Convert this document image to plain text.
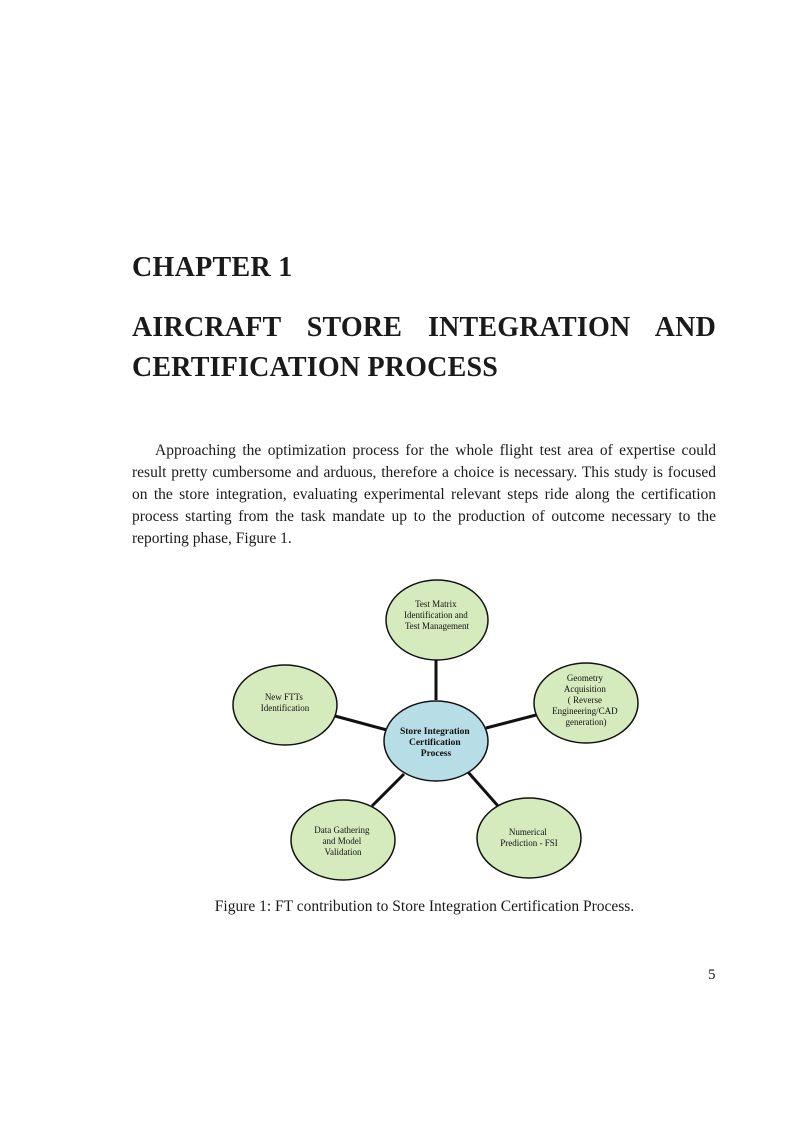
CHAPTER 1
AIRCRAFT STORE INTEGRATION AND
CERTIFICATION PROCESS

Approaching the optimization process for the whole flight test area of expertise could result pretty cumbersome and arduous, therefore a choice is necessary. This study is focused on the store integration, evaluating experimental relevant steps ride along the certification process starting from the task mandate up to the production of outcome necessary to the reporting phase, Figure 1.

Test Matrix Identification and Test Management
Geometry Acquisition ( Reverse Engineering/CAD generation)
Numerical Prediction - FSI
Data Gathering and Model Validation
New FTTs Identification
Store Integration Certification Process

Figure 1: FT contribution to Store Integration Certification Process.

5
